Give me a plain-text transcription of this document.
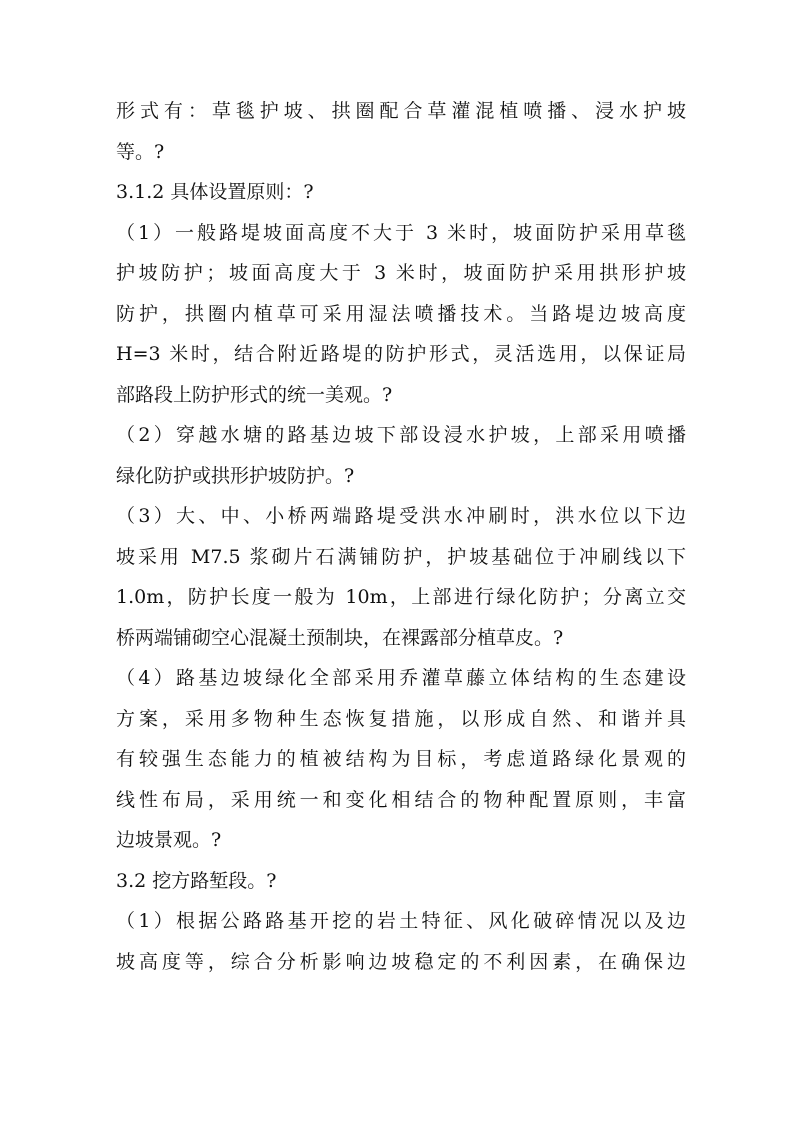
形式有：草毯护坡、拱圈配合草灌混植喷播、浸水护坡
等。?
3.1.2 具体设置原则：?
（1）一般路堤坡面高度不大于 3 米时，坡面防护采用草毯
护坡防护；坡面高度大于 3 米时，坡面防护采用拱形护坡
防护，拱圈内植草可采用湿法喷播技术。当路堤边坡高度
H=3 米时，结合附近路堤的防护形式，灵活选用，以保证局
部路段上防护形式的统一美观。?
（2）穿越水塘的路基边坡下部设浸水护坡，上部采用喷播
绿化防护或拱形护坡防护。?
（3）大、中、小桥两端路堤受洪水冲刷时，洪水位以下边
坡采用 M7.5 浆砌片石满铺防护，护坡基础位于冲刷线以下
1.0m，防护长度一般为 10m，上部进行绿化防护；分离立交
桥两端铺砌空心混凝土预制块，在裸露部分植草皮。?
（4）路基边坡绿化全部采用乔灌草藤立体结构的生态建设
方案，采用多物种生态恢复措施，以形成自然、和谐并具
有较强生态能力的植被结构为目标，考虑道路绿化景观的
线性布局，采用统一和变化相结合的物种配置原则，丰富
边坡景观。?
3.2 挖方路堑段。?
（1）根据公路路基开挖的岩土特征、风化破碎情况以及边
坡高度等，综合分析影响边坡稳定的不利因素，在确保边
